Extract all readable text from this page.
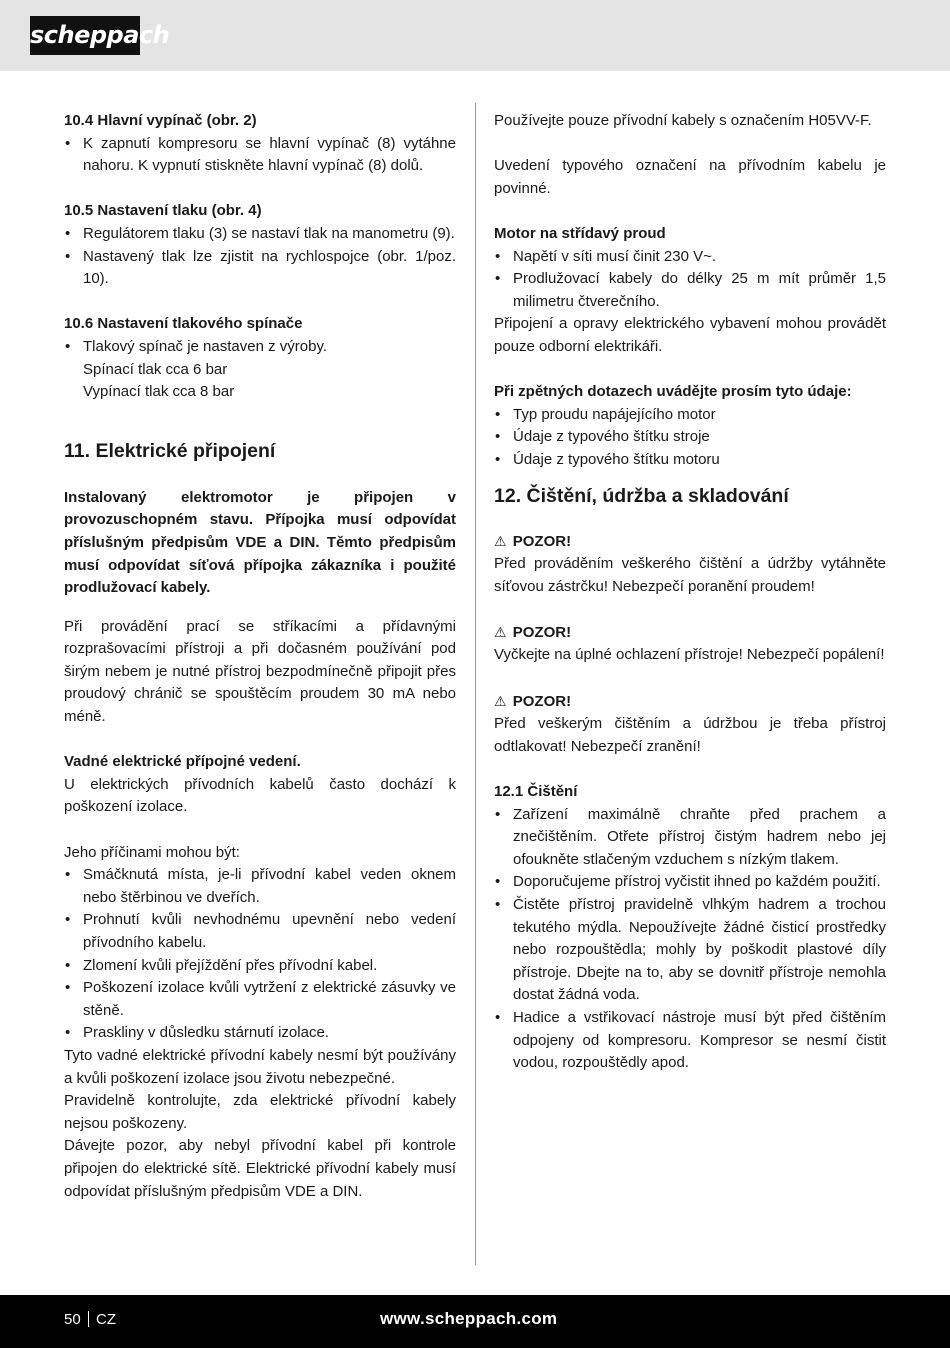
scheppach

10.4 Hlavní vypínač (obr. 2)

• K zapnutí kompresoru se hlavní vypínač (8) vytáhne nahoru. K vypnutí stiskněte hlavní vypínač (8) dolů.

10.5 Nastavení tlaku (obr. 4)

• Regulátorem tlaku (3) se nastaví tlak na manometru (9).
• Nastavený tlak lze zjistit na rychlospojce (obr. 1/poz. 10).

10.6 Nastavení tlakového spínače

• Tlakový spínač je nastaven z výroby.

Spínací tlak cca 6 bar

Vypínací tlak cca 8 bar

11. Elektrické připojení

Instalovaný elektromotor je připojen v provozuschopném stavu. Přípojka musí odpovídat příslušným předpisům VDE a DIN. Těmto předpisům musí odpovídat síťová přípojka zákazníka i použité prodlužovací kabely.

Při provádění prací se stříkacími a přídavnými rozprašovacími přístroji a při dočasném používání pod širým nebem je nutné přístroj bezpodmínečně připojit přes proudový chránič se spouštěcím proudem 30 mA nebo méně.

Vadné elektrické přípojné vedení.

U elektrických přívodních kabelů často dochází k poškození izolace.

Jeho příčinami mohou být:

• Smáčknutá místa, je-li přívodní kabel veden oknem nebo štěrbinou ve dveřích.
• Prohnutí kvůli nevhodnému upevnění nebo vedení přívodního kabelu.
• Zlomení kvůli přejíždění přes přívodní kabel.
• Poškození izolace kvůli vytržení z elektrické zásuvky ve stěně.
• Praskliny v důsledku stárnutí izolace.

Tyto vadné elektrické přívodní kabely nesmí být používány a kvůli poškození izolace jsou životu nebezpečné.

Pravidelně kontrolujte, zda elektrické přívodní kabely nejsou poškozeny.

Dávejte pozor, aby nebyl přívodní kabel při kontrole připojen do elektrické sítě. Elektrické přívodní kabely musí odpovídat příslušným předpisům VDE a DIN.

Používejte pouze přívodní kabely s označením H05VV-F.

Uvedení typového označení na přívodním kabelu je povinné.

Motor na střídavý proud

• Napětí v síti musí činit 230 V~.
• Prodlužovací kabely do délky 25 m mít průměr 1,5 milimetru čtverečního.

Připojení a opravy elektrického vybavení mohou provádět pouze odborní elektrikáři.

Při zpětných dotazech uvádějte prosím tyto údaje:

• Typ proudu napájejícího motor
• Údaje z typového štítku stroje
• Údaje z typového štítku motoru
12. Čištění, údržba a skladování

⚠ POZOR!

Před prováděním veškerého čištění a údržby vytáhněte síťovou zástrčku! Nebezpečí poranění proudem!

⚠ POZOR!

Vyčkejte na úplné ochlazení přístroje! Nebezpečí popálení!

⚠ POZOR!

Před veškerým čištěním a údržbou je třeba přístroj odtlakovat! Nebezpečí zranění!

12.1 Čištění

• Zařízení maximálně chraňte před prachem a znečištěním. Otřete přístroj čistým hadrem nebo jej ofoukněte stlačeným vzduchem s nízkým tlakem.
• Doporučujeme přístroj vyčistit ihned po každém použití.
• Čistěte přístroj pravidelně vlhkým hadrem a trochou tekutého mýdla. Nepoužívejte žádné čisticí prostředky nebo rozpouštědla; mohly by poškodit plastové díly přístroje. Dbejte na to, aby se dovnitř přístroje nemohla dostat žádná voda.
• Hadice a vstřikovací nástroje musí být před čištěním odpojeny od kompresoru. Kompresor se nesmí čistit vodou, rozpouštědly apod.
50 CZ	www.scheppach.com
